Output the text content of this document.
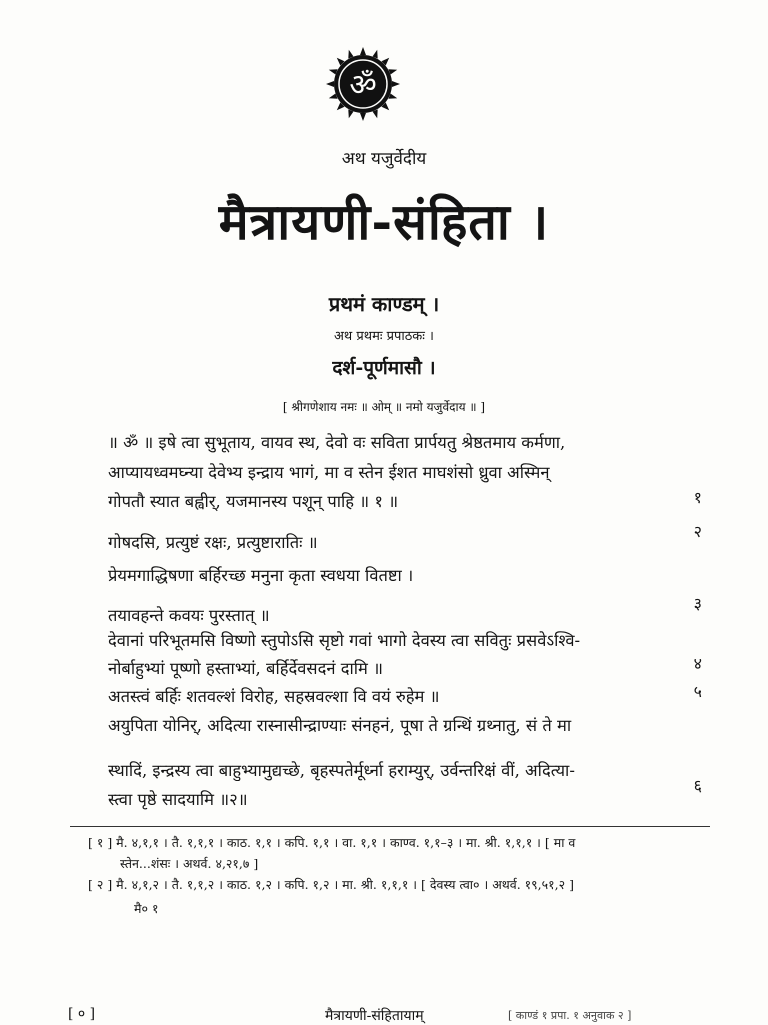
ॐ
अथ यजुर्वेदीय
मैत्रायणी-संहिता ।
प्रथमं काण्डम् ।
अथ प्रथमः प्रपाठकः ।
दर्श-पूर्णमासौ ।
[ श्रीगणेशाय नमः ॥ ओम् ॥ नमो यजुर्वेदाय ॥ ]
॥ ॐ ॥ इषे त्वा सुभूताय, वायव स्थ, देवो वः सविता प्रार्पयतु श्रेष्ठतमाय कर्मणा,
आप्यायध्वमघ्न्या देवेभ्य इन्द्राय भागं, मा व स्तेन ईशत माघशंसो ध्रुवा अस्मिन्
गोपतौ स्यात बह्वीर्, यजमानस्य पशून् पाहि ॥ १ ॥
गोषदसि, प्रत्युष्टं रक्षः, प्रत्युष्टारातिः ॥
प्रेयमगाद्धिषणा बर्हिरच्छ मनुना कृता स्वधया वितष्टा ।
तयावहन्ते कवयः पुरस्तात् ॥
देवानां परिभूतमसि विष्णो स्तुपोऽसि सृष्टो गवां भागो देवस्य त्वा सवितुः प्रसवेऽश्वि-
नोर्बाहुभ्यां पूष्णो हस्ताभ्यां, बर्हिर्देवसदनं दामि ॥
अतस्त्वं बर्हिः शतवल्शं विरोह, सहस्रवल्शा वि वयं रुहेम ॥
अयुपिता योनिर्, अदित्या रास्नासीन्द्राण्याः संनहनं, पूषा ते ग्रन्थिं ग्रथ्नातु, सं ते मा
स्थादिं, इन्द्रस्य त्वा बाहुभ्यामुद्यच्छे, बृहस्पतेर्मूर्ध्ना हराम्युर्, उर्वन्तरिक्षं वीं, अदित्या-
स्त्वा पृष्ठे सादयामि ॥२॥
१
२
३
४
५
६
[ १ ] मै. ४,१,१ । तै. १,१,१ । काठ. १,१ । कपि. १,१ । वा. १,१ । काण्व. १,१–३ । मा. श्री. १,१,१ । [ मा व
स्तेन...शंसः । अथर्व. ४,२१,७ ]
[ २ ] मै. ४,१,२ । तै. १,१,२ । काठ. १,२ । कपि. १,२ । मा. श्री. १,१,१ । [ देवस्य त्वा० । अथर्व. १९,५१,२ ]
मै० १
[ ० ]	मैत्रायणी-संहितायाम्	[ काण्डं १ प्रपा. १ अनुवाक २ ]
